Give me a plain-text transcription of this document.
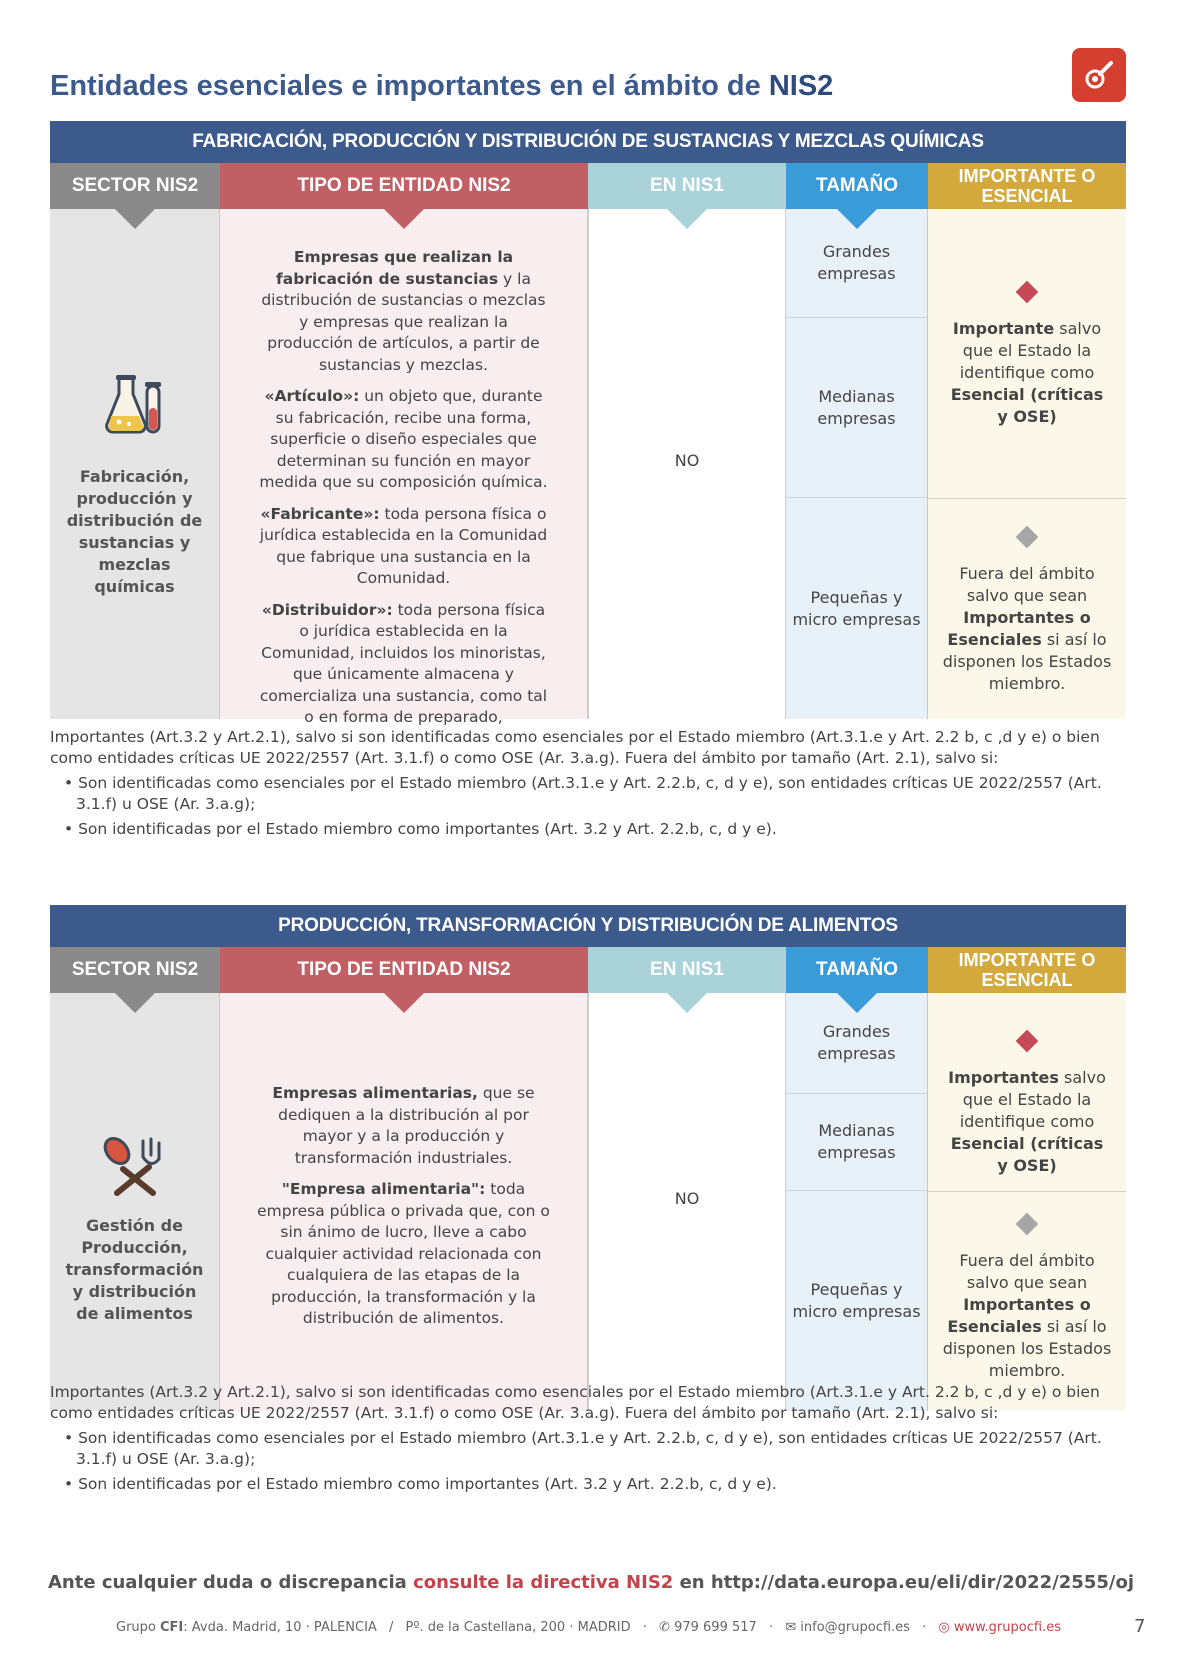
Entidades esenciales e importantes en el ámbito de NIS2
FABRICACIÓN, PRODUCCIÓN Y DISTRIBUCIÓN DE SUSTANCIAS Y MEZCLAS QUÍMICAS
SECTOR NIS2
Fabricación, producción y distribución de sustancias y mezclas químicas
TIPO DE ENTIDAD NIS2

Empresas que realizan la fabricación de sustancias y la distribución de sustancias o mezclas y empresas que realizan la producción de artículos, a partir de sustancias y mezclas.

«Artículo»: un objeto que, durante su fabricación, recibe una forma, superficie o diseño especiales que determinan su función en mayor medida que su composición química.

«Fabricante»: toda persona física o jurídica establecida en la Comunidad que fabrique una sustancia en la Comunidad.

«Distribuidor»: toda persona física o jurídica establecida en la Comunidad, incluidos los minoristas, que únicamente almacena y comercializa una sustancia, como tal o en forma de preparado,

EN NIS1
NO
TAMAÑO
Grandes empresas
Medianas empresas
Pequeñas y micro empresas
IMPORTANTE O ESENCIAL
Importante salvo que el Estado la identifique como Esencial (críticas y OSE)
Fuera del ámbito salvo que sean Importantes o Esenciales si así lo disponen los Estados miembro.

Importantes (Art.3.2 y Art.2.1), salvo si son identificadas como esenciales por el Estado miembro (Art.3.1.e y Art. 2.2 b, c ,d y e) o bien como entidades críticas UE 2022/2557 (Art. 3.1.f) o como OSE (Ar. 3.a.g). Fuera del ámbito por tamaño (Art. 2.1), salvo si:

• Son identificadas como esenciales por el Estado miembro (Art.3.1.e y Art. 2.2.b, c, d y e), son entidades críticas UE 2022/2557 (Art. 3.1.f) u OSE (Ar. 3.a.g);
• Son identificadas por el Estado miembro como importantes (Art. 3.2 y Art. 2.2.b, c, d y e).
PRODUCCIÓN, TRANSFORMACIÓN Y DISTRIBUCIÓN DE ALIMENTOS
SECTOR NIS2
Gestión de Producción, transformación y distribución de alimentos
TIPO DE ENTIDAD NIS2

Empresas alimentarias, que se dediquen a la distribución al por mayor y a la producción y transformación industriales.

"Empresa alimentaria": toda empresa pública o privada que, con o sin ánimo de lucro, lleve a cabo cualquier actividad relacionada con cualquiera de las etapas de la producción, la transformación y la distribución de alimentos.

EN NIS1
NO
TAMAÑO
Grandes empresas
Medianas empresas
Pequeñas y micro empresas
IMPORTANTE O ESENCIAL
Importantes salvo que el Estado la identifique como Esencial (críticas y OSE)
Fuera del ámbito salvo que sean Importantes o Esenciales si así lo disponen los Estados miembro.

Importantes (Art.3.2 y Art.2.1), salvo si son identificadas como esenciales por el Estado miembro (Art.3.1.e y Art. 2.2 b, c ,d y e) o bien como entidades críticas UE 2022/2557 (Art. 3.1.f) o como OSE (Ar. 3.a.g). Fuera del ámbito por tamaño (Art. 2.1), salvo si:

• Son identificadas como esenciales por el Estado miembro (Art.3.1.e y Art. 2.2.b, c, d y e), son entidades críticas UE 2022/2557 (Art. 3.1.f) u OSE (Ar. 3.a.g);
• Son identificadas por el Estado miembro como importantes (Art. 3.2 y Art. 2.2.b, c, d y e).
Ante cualquier duda o discrepancia consulte la directiva NIS2 en http://data.europa.eu/eli/dir/2022/2555/oj
Grupo CFI: Avda. Madrid, 10 · PALENCIA / Pº. de la Castellana, 200 · MADRID · ✆ 979 699 517 · ✉ info@grupocfi.es · ◎ www.grupocfi.es	7
